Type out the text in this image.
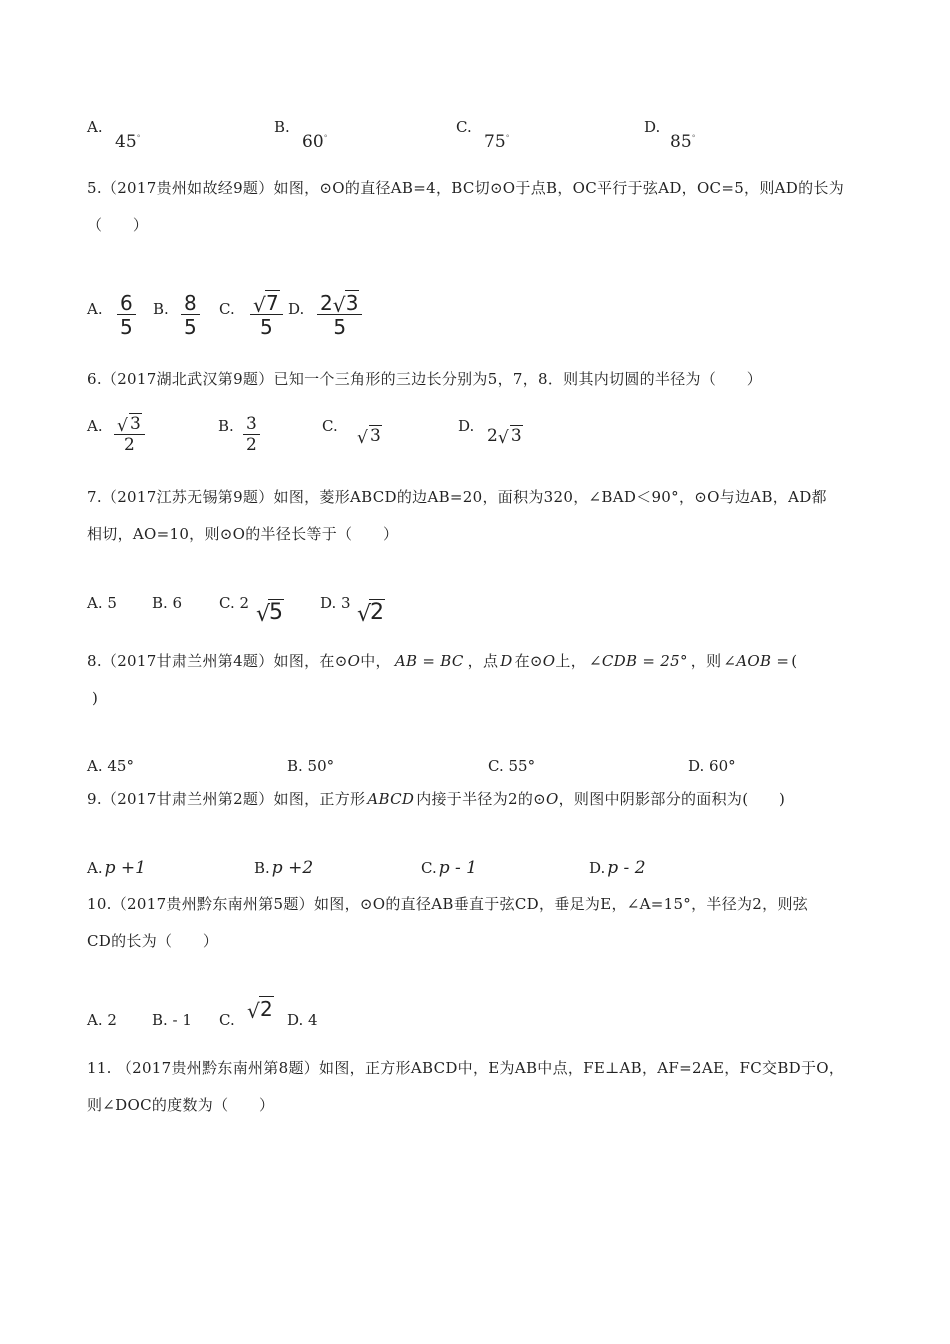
A.
45°
B.
60°
C.
75°
D.
85°
5.（2017贵州如故经9题）如图，⊙O的直径AB=4，BC切⊙O于点B，OC平行于弦AD，OC=5，则AD的长为
（　　）
A. 6
5
B. 8
5
C. √	7
5
D. 2 √ 3
5
6.（2017湖北武汉第9题）已知一个三角形的三边长分别为5，7，8．则其内切圆的半径为（　　）
A. √	3
2
B. 3
2
C. √	3	D. 2 √ 3
7.（2017江苏无锡第9题）如图，菱形ABCD的边AB=20，面积为320，∠BAD＜90°，⊙O与边AB，AD都
相切，AO=10，则⊙O的半径长等于（　　）
A. 5 B. 6 C. 2 √ 5 D. 3 √ 2
8.（2017甘肃兰州第4题）如图，在⊙O中， AB = BC ，点 D 在⊙O上， ∠CDB = 25° ，则 ∠AOB = (
)
A. 45°	B. 50°	C. 55°	D. 60°
9.（2017甘肃兰州第2题）如图，正方形 ABCD 内接于半径为2的⊙O，则图中阴影部分的面积为(　　)
A. p +1	B. p +2	C. p - 1	D. p - 2
10.（2017贵州黔东南州第5题）如图，⊙O的直径AB垂直于弦CD，垂足为E，∠A=15°，半径为2，则弦
CD的长为（　　）
A. 2 B. - 1 C. √	2 D. 4
11. （2017贵州黔东南州第8题）如图，正方形ABCD中，E为AB中点，FE⊥AB，AF=2AE，FC交BD于O，
则∠DOC的度数为（　　）
